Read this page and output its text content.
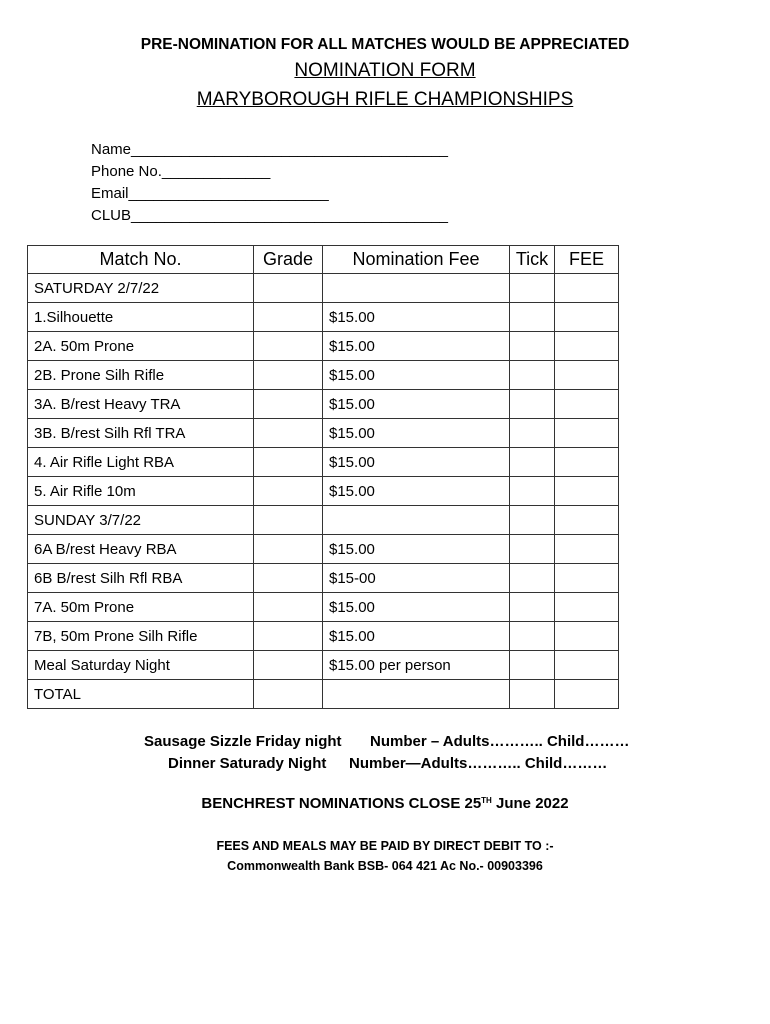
PRE-NOMINATION FOR ALL MATCHES WOULD BE APPRECIATED
NOMINATION FORM
MARYBOROUGH RIFLE CHAMPIONSHIPS
Name______________________________________
Phone No._____________
Email________________________
CLUB______________________________________
Match No.	Grade	Nomination Fee	Tick	FEE
SATURDAY 2/7/22				
1.Silhouette		$15.00		
2A. 50m Prone		$15.00		
2B. Prone Silh Rifle		$15.00		
3A. B/rest Heavy TRA		$15.00		
3B. B/rest Silh Rfl TRA		$15.00		
4. Air Rifle Light RBA		$15.00		
5. Air Rifle 10m		$15.00		
SUNDAY 3/7/22				
6A B/rest Heavy RBA		$15.00		
6B B/rest Silh Rfl RBA		$15-00		
7A. 50m Prone		$15.00		
7B, 50m Prone Silh Rifle		$15.00		
Meal Saturday Night		$15.00 per person		
TOTAL				
Sausage Sizzle Friday night	Number – Adults……….. Child………
Dinner Saturady Night	Number—Adults……….. Child………
BENCHREST NOMINATIONS CLOSE 25TH June 2022
FEES AND MEALS MAY BE PAID BY DIRECT DEBIT TO :-
Commonwealth Bank BSB- 064 421 Ac No.- 00903396
